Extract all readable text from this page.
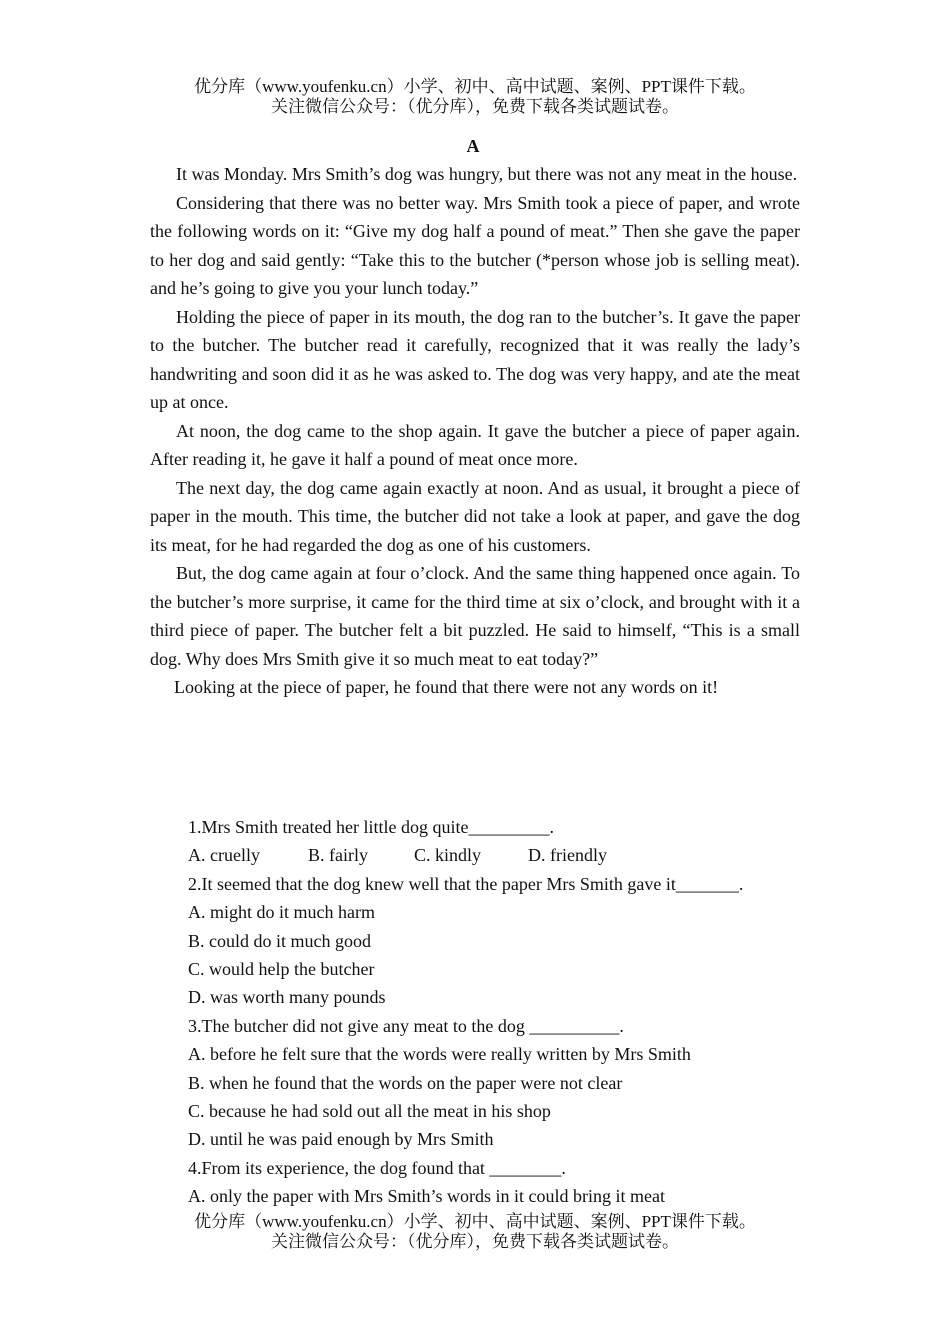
优分库（www.youfenku.cn）小学、初中、高中试题、案例、PPT课件下载。
关注微信公众号：（优分库），免费下载各类试题试卷。
A

It was Monday. Mrs Smith’s dog was hungry, but there was not any meat in the house.

Considering that there was no better way. Mrs Smith took a piece of paper, and wrote the following words on it: “Give my dog half a pound of meat.” Then she gave the paper to her dog and said gently: “Take this to the butcher (*person whose job is selling meat). and he’s going to give you your lunch today.”

Holding the piece of paper in its mouth, the dog ran to the butcher’s. It gave the paper to the butcher. The butcher read it carefully, recognized that it was really the lady’s handwriting and soon did it as he was asked to. The dog was very happy, and ate the meat up at once.

At noon, the dog came to the shop again. It gave the butcher a piece of paper again. After reading it, he gave it half a pound of meat once more.

The next day, the dog came again exactly at noon. And as usual, it brought a piece of paper in the mouth. This time, the butcher did not take a look at paper, and gave the dog its meat, for he had regarded the dog as one of his customers.

But, the dog came again at four o’clock. And the same thing happened once again. To the butcher’s more surprise, it came for the third time at six o’clock, and brought with it a third piece of paper. The butcher felt a bit puzzled. He said to himself, “This is a small dog. Why does Mrs Smith give it so much meat to eat today?”

Looking at the piece of paper, he found that there were not any words on it!

1.Mrs Smith treated her little dog quite_________.
A. cruelly	B. fairly	C. kindly	D. friendly
2.It seemed that the dog knew well that the paper Mrs Smith gave it_______.
A. might do it much harm
B. could do it much good
C. would help the butcher
D. was worth many pounds
3.The butcher did not give any meat to the dog __________.
A. before he felt sure that the words were really written by Mrs Smith
B. when he found that the words on the paper were not clear
C. because he had sold out all the meat in his shop
D. until he was paid enough by Mrs Smith
4.From its experience, the dog found that ________.
A. only the paper with Mrs Smith’s words in it could bring it meat
优分库（www.youfenku.cn）小学、初中、高中试题、案例、PPT课件下载。
关注微信公众号：（优分库），免费下载各类试题试卷。
